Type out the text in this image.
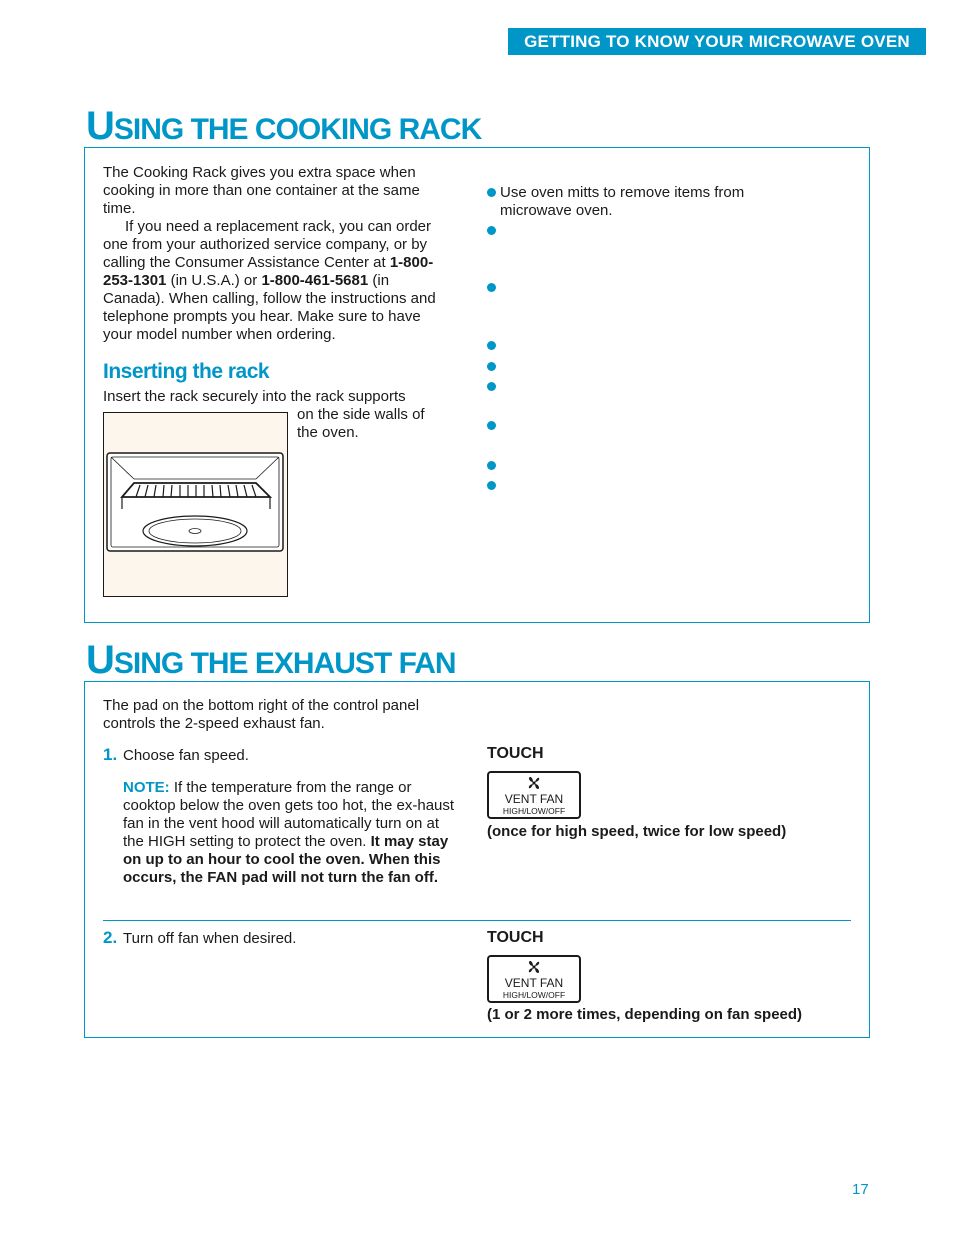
GETTING TO KNOW YOUR MICROWAVE OVEN
USING THE COOKING RACK
The Cooking Rack gives you extra space when cooking in more than one container at the same time.
If you need a replacement rack, you can order one from your authorized service company, or by calling the Consumer Assistance Center at 1-800-253-1301 (in U.S.A.) or 1-800-461-5681 (in Canada). When calling, follow the instructions and telephone prompts you hear. Make sure to have your model number when ordering.
Inserting the rack
Insert the rack securely into the rack supports
on the side walls of
the oven.
Use oven mitts to remove items from microwave oven.
USING THE EXHAUST FAN
The pad on the bottom right of the control panel controls the 2-speed exhaust fan.
1. Choose fan speed.
NOTE: If the temperature from the range or cooktop below the oven gets too hot, the ex-haust fan in the vent hood will automatically turn on at the HIGH setting to protect the oven. It may stay on up to an hour to cool the oven. When this occurs, the FAN pad will not turn the fan off.
TOUCH
VENT FAN
HIGH/LOW/OFF
(once for high speed, twice for low speed)
2. Turn off fan when desired.	TOUCH
VENT FAN
HIGH/LOW/OFF
(1 or 2 more times, depending on fan speed)
17
